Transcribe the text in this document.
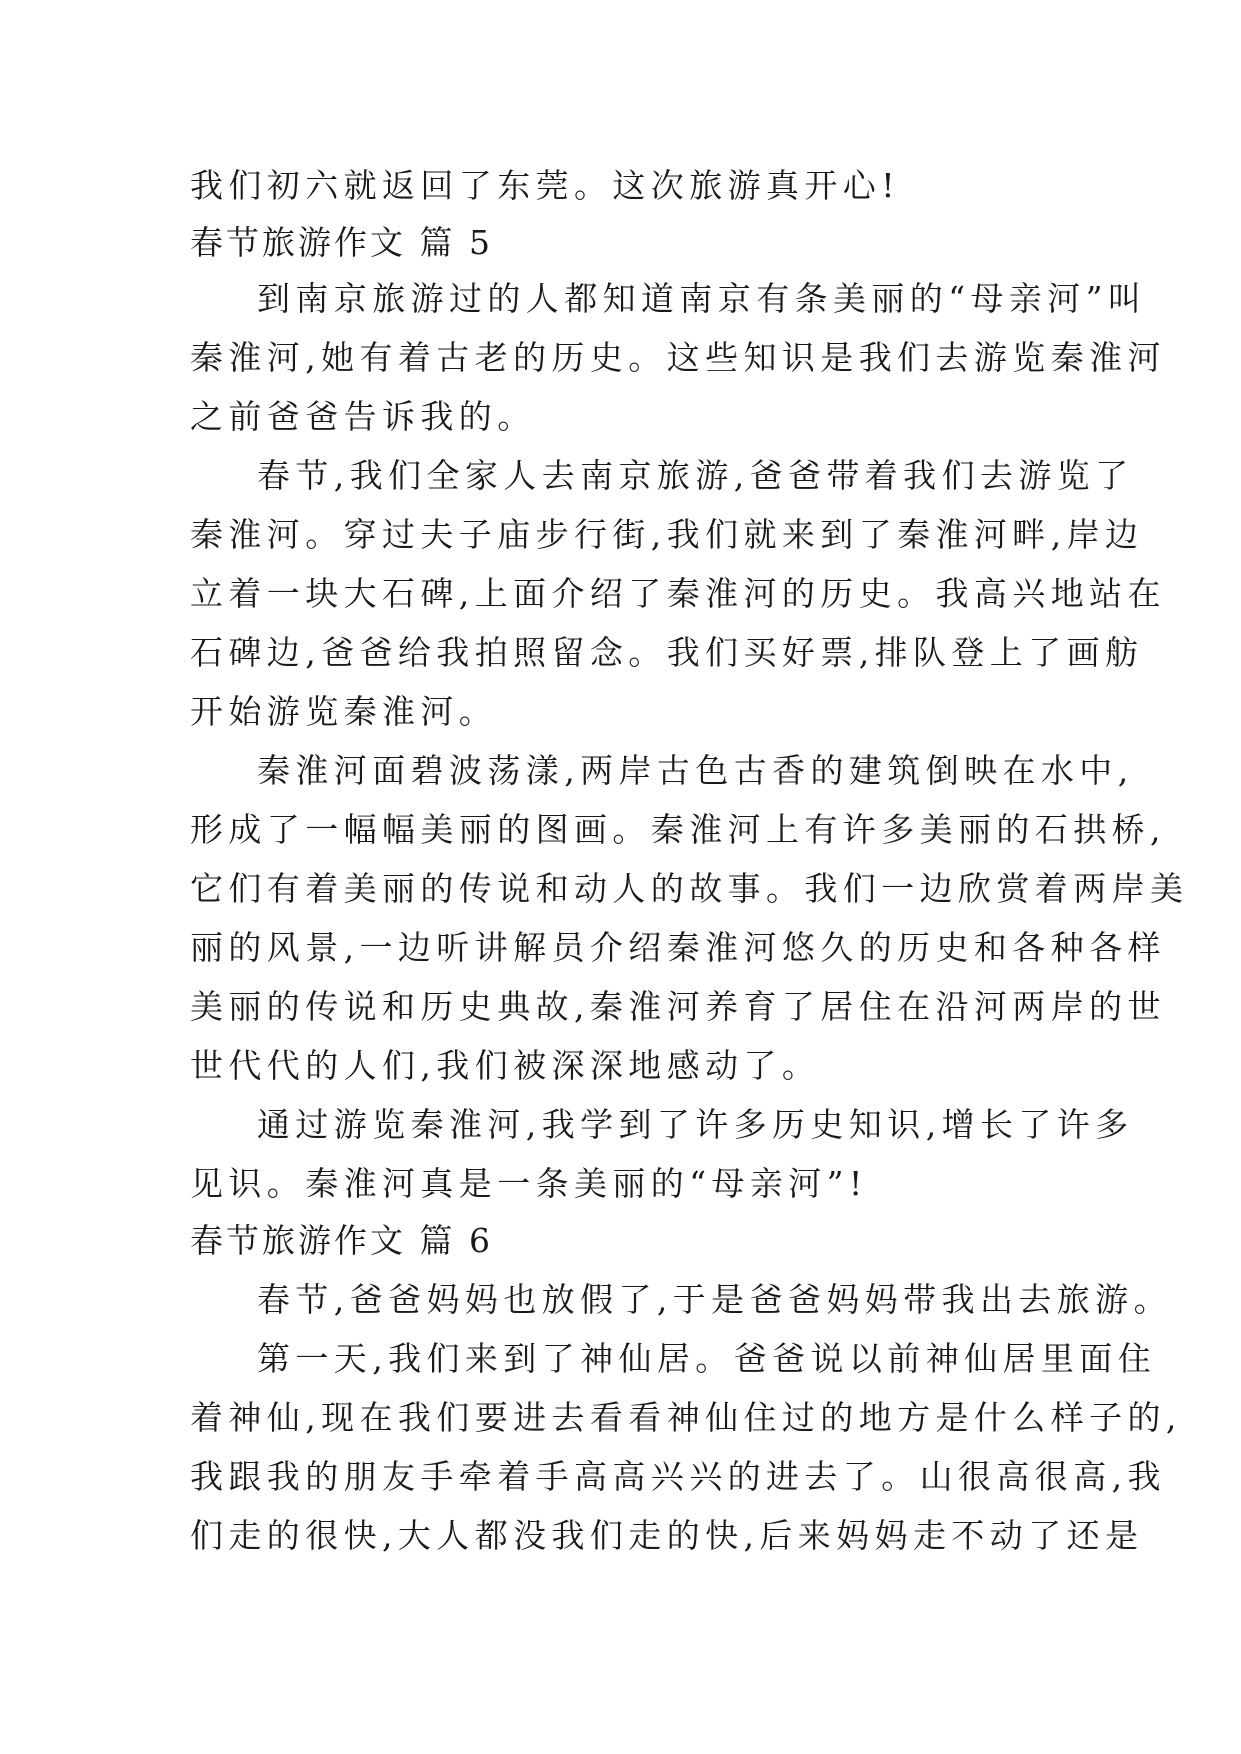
我们初六就返回了东莞。这次旅游真开心!
春节旅游作文 篇 5
到南京旅游过的人都知道南京有条美丽的“母亲河”叫
秦淮河,她有着古老的历史。这些知识是我们去游览秦淮河
之前爸爸告诉我的。
春节,我们全家人去南京旅游,爸爸带着我们去游览了
秦淮河。穿过夫子庙步行街,我们就来到了秦淮河畔,岸边
立着一块大石碑,上面介绍了秦淮河的历史。我高兴地站在
石碑边,爸爸给我拍照留念。我们买好票,排队登上了画舫
开始游览秦淮河。
秦淮河面碧波荡漾,两岸古色古香的建筑倒映在水中,
形成了一幅幅美丽的图画。秦淮河上有许多美丽的石拱桥,
它们有着美丽的传说和动人的故事。我们一边欣赏着两岸美
丽的风景,一边听讲解员介绍秦淮河悠久的历史和各种各样
美丽的传说和历史典故,秦淮河养育了居住在沿河两岸的世
世代代的人们,我们被深深地感动了。
通过游览秦淮河,我学到了许多历史知识,增长了许多
见识。秦淮河真是一条美丽的“母亲河”!
春节旅游作文 篇 6
春节,爸爸妈妈也放假了,于是爸爸妈妈带我出去旅游。
第一天,我们来到了神仙居。爸爸说以前神仙居里面住
着神仙,现在我们要进去看看神仙住过的地方是什么样子的,
我跟我的朋友手牵着手高高兴兴的进去了。山很高很高,我
们走的很快,大人都没我们走的快,后来妈妈走不动了还是
